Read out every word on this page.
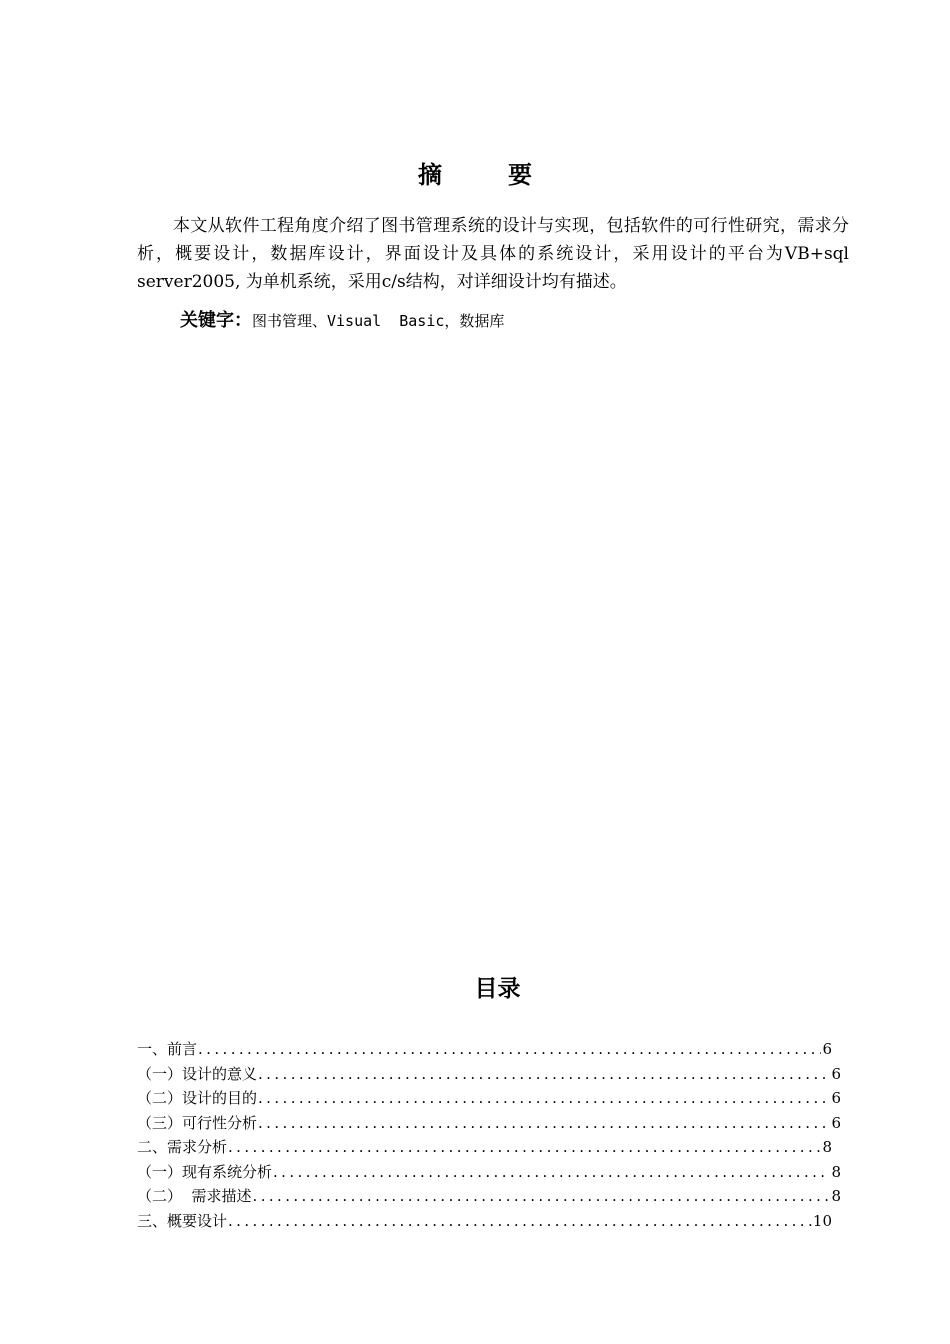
摘	要
本文从软件工程角度介绍了图书管理系统的设计与实现，包括软件的可行性研究，需求分析，概要设计，数据库设计，界面设计及具体的系统设计，采用设计的平台为VB+sql server2005, 为单机系统，采用c/s结构，对详细设计均有描述。
关键字：图书管理、Visual  Basic，数据库
目录
一、前言 .....	6
（一）设计的意义 .....	6
（二）设计的目的 .....	6
（三）可行性分析 .....	6
二、需求分析 .....	8
（一）现有系统分析 .....	8
（二）  需求描述 .....	8
三、概要设计 .....	10
